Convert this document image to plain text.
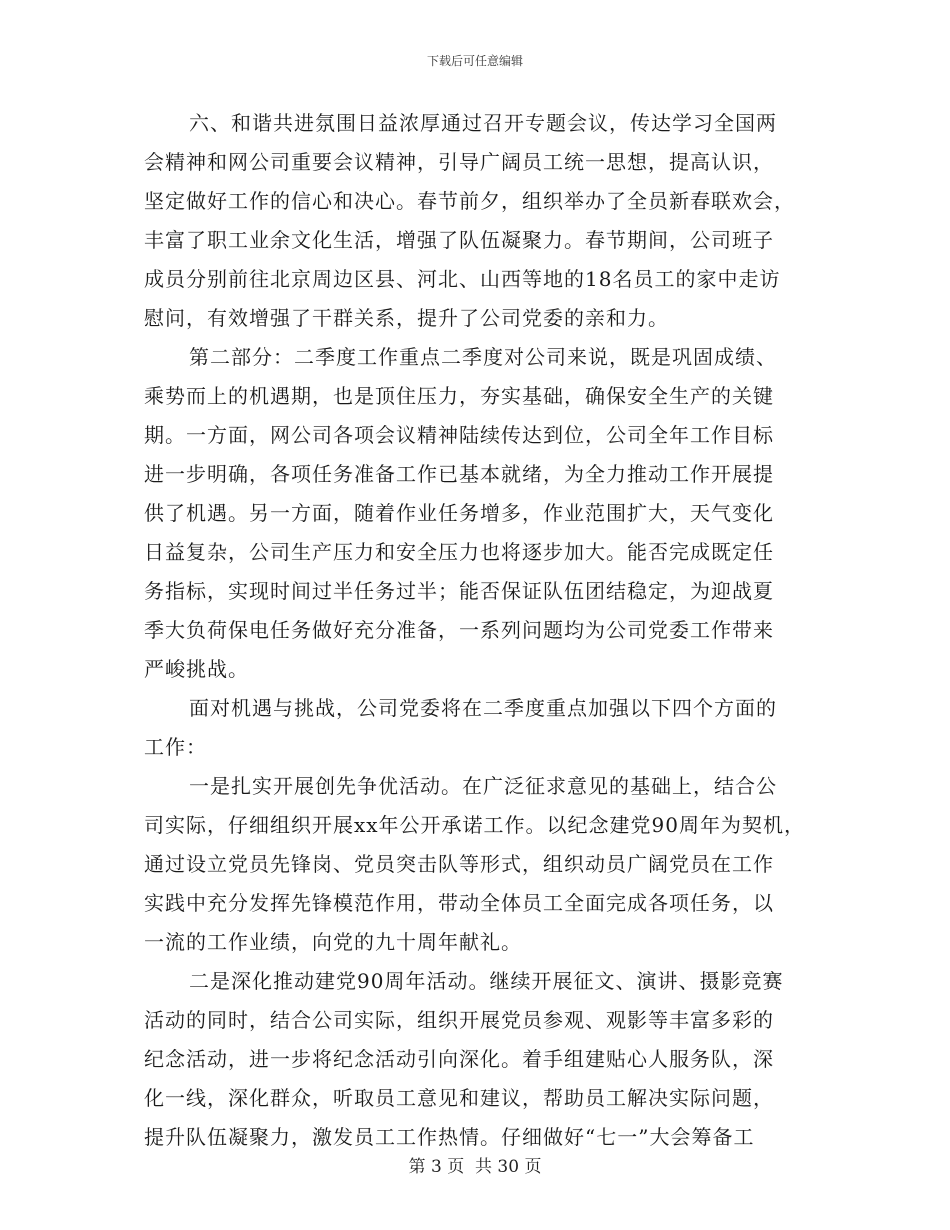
下载后可任意编辑
六、和谐共进氛围日益浓厚通过召开专题会议，传达学习全国两
会精神和网公司重要会议精神，引导广阔员工统一思想，提高认识，
坚定做好工作的信心和决心。春节前夕，组织举办了全员新春联欢会，
丰富了职工业余文化生活，增强了队伍凝聚力。春节期间，公司班子
成员分别前往北京周边区县、河北、山西等地的18名员工的家中走访
慰问，有效增强了干群关系，提升了公司党委的亲和力。
第二部分：二季度工作重点二季度对公司来说，既是巩固成绩、
乘势而上的机遇期，也是顶住压力，夯实基础，确保安全生产的关键
期。一方面，网公司各项会议精神陆续传达到位，公司全年工作目标
进一步明确，各项任务准备工作已基本就绪，为全力推动工作开展提
供了机遇。另一方面，随着作业任务增多，作业范围扩大，天气变化
日益复杂，公司生产压力和安全压力也将逐步加大。能否完成既定任
务指标，实现时间过半任务过半；能否保证队伍团结稳定，为迎战夏
季大负荷保电任务做好充分准备，一系列问题均为公司党委工作带来
严峻挑战。
面对机遇与挑战，公司党委将在二季度重点加强以下四个方面的
工作：
一是扎实开展创先争优活动。在广泛征求意见的基础上，结合公
司实际，仔细组织开展xx年公开承诺工作。以纪念建党90周年为契机，
通过设立党员先锋岗、党员突击队等形式，组织动员广阔党员在工作
实践中充分发挥先锋模范作用，带动全体员工全面完成各项任务，以
一流的工作业绩，向党的九十周年献礼。
二是深化推动建党90周年活动。继续开展征文、演讲、摄影竞赛
活动的同时，结合公司实际，组织开展党员参观、观影等丰富多彩的
纪念活动，进一步将纪念活动引向深化。着手组建贴心人服务队，深
化一线，深化群众，听取员工意见和建议，帮助员工解决实际问题，
提升队伍凝聚力，激发员工工作热情。仔细做好“七一”大会筹备工
第 3 页  共 30 页
